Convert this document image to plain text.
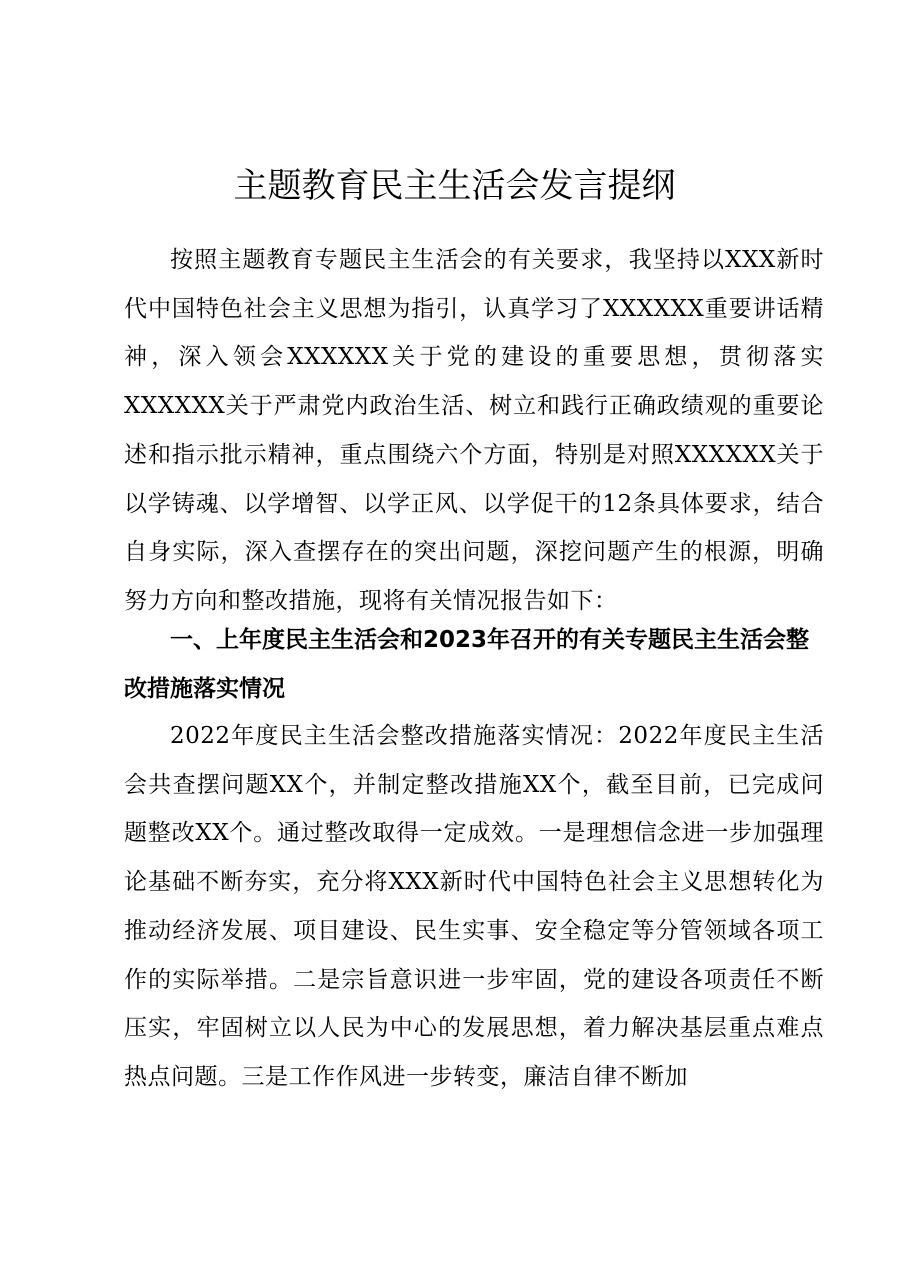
主题教育民主生活会发言提纲

按照主题教育专题民主生活会的有关要求，我坚持以XXX新时代中国特色社会主义思想为指引，认真学习了XXXXXX重要讲话精神，深入领会XXXXXX关于党的建设的重要思想，贯彻落实XXXXXX关于严肃党内政治生活、树立和践行正确政绩观的重要论述和指示批示精神，重点围绕六个方面，特别是对照XXXXXX关于以学铸魂、以学增智、以学正风、以学促干的12条具体要求，结合自身实际，深入查摆存在的突出问题，深挖问题产生的根源，明确努力方向和整改措施，现将有关情况报告如下：

一、上年度民主生活会和2023年召开的有关专题民主生活会整改措施落实情况

2022年度民主生活会整改措施落实情况：2022年度民主生活会共查摆问题XX个，并制定整改措施XX个，截至目前，已完成问题整改XX个。通过整改取得一定成效。一是理想信念进一步加强理论基础不断夯实，充分将XXX新时代中国特色社会主义思想转化为推动经济发展、项目建设、民生实事、安全稳定等分管领域各项工作的实际举措。二是宗旨意识进一步牢固，党的建设各项责任不断压实，牢固树立以人民为中心的发展思想，着力解决基层重点难点热点问题。三是工作作风进一步转变，廉洁自律不断加
